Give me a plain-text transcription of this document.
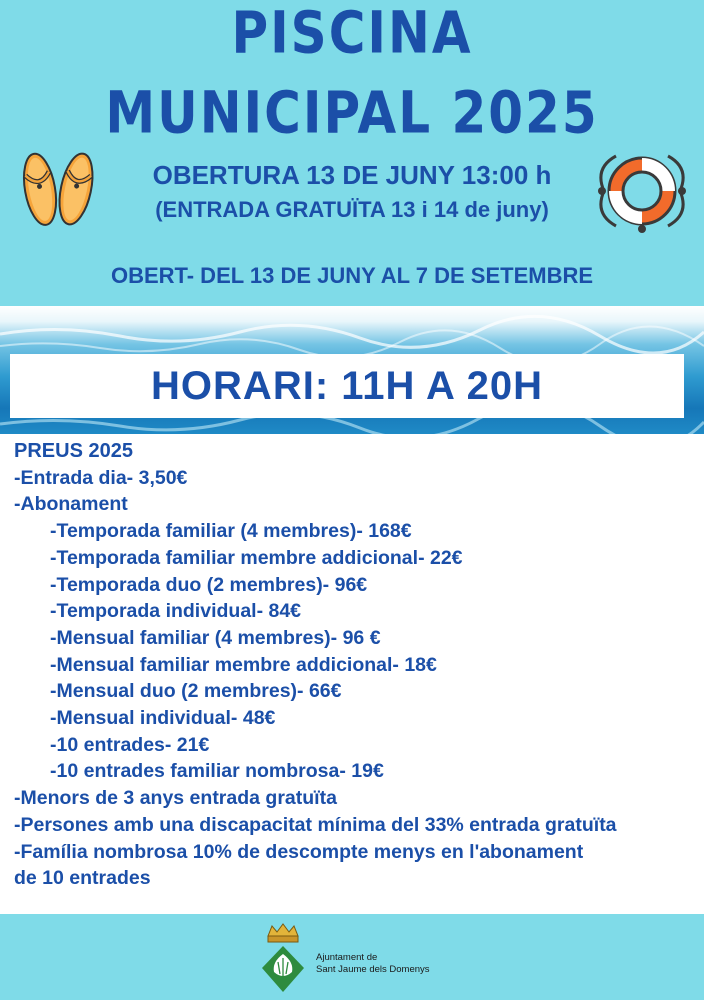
PISCINA
MUNICIPAL 2025
OBERTURA 13 DE JUNY 13:00 h
(ENTRADA GRATUÏTA 13 i 14 de juny)
OBERT- DEL 13 DE JUNY AL 7 DE SETEMBRE
HORARI: 11H A 20H
PREUS 2025
-Entrada dia- 3,50€
-Abonament
-Temporada familiar (4 membres)- 168€
-Temporada familiar membre addicional- 22€
-Temporada duo (2 membres)- 96€
-Temporada individual- 84€
-Mensual familiar (4 membres)- 96 €
-Mensual familiar membre addicional- 18€
-Mensual duo (2 membres)- 66€
-Mensual individual- 48€
-10 entrades- 21€
-10 entrades familiar nombrosa- 19€
-Menors de 3 anys entrada gratuïta
-Persones amb una discapacitat mínima del 33% entrada gratuïta
-Família nombrosa 10% de descompte menys en l'abonament
de 10 entrades
Ajuntament de
Sant Jaume dels Domenys
